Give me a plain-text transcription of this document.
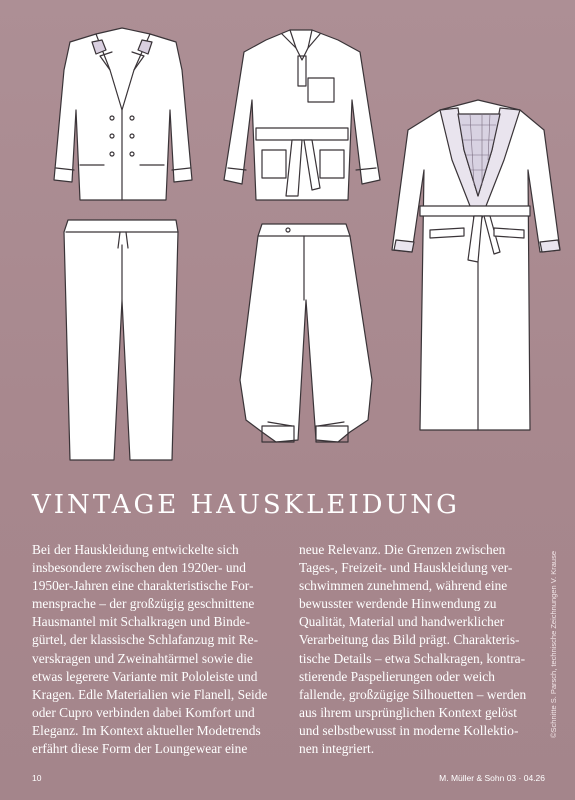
VINTAGE HAUSKLEIDUNG
Bei der Hauskleidung entwickelte sich
insbesondere zwischen den 1920er- und
1950er-Jahren eine charakteristische For-
mensprache – der großzügig geschnittene
Hausmantel mit Schalkragen und Binde-
gürtel, der klassische Schlafanzug mit Re-
verskragen und Zweinahtärmel sowie die
etwas legerere Variante mit Pololeiste und
Kragen. Edle Materialien wie Flanell, Seide
oder Cupro verbinden dabei Komfort und
Eleganz. Im Kontext aktueller Modetrends
erfährt diese Form der Loungewear eine
neue Relevanz. Die Grenzen zwischen
Tages-, Freizeit- und Hauskleidung ver-
schwimmen zunehmend, während eine
bewusster werdende Hinwendung zu
Qualität, Material und handwerklicher
Verarbeitung das Bild prägt. Charakteris-
tische Details – etwa Schalkragen, kontra-
stierende Paspelierungen oder weich
fallende, großzügige Silhouetten – werden
aus ihrem ursprünglichen Kontext gelöst
und selbstbewusst in moderne Kollektio-
nen integriert.
©Schnitte S. Parsch, technische Zeichnungen V. Krause
10	M. Müller & Sohn 03 · 04.26
